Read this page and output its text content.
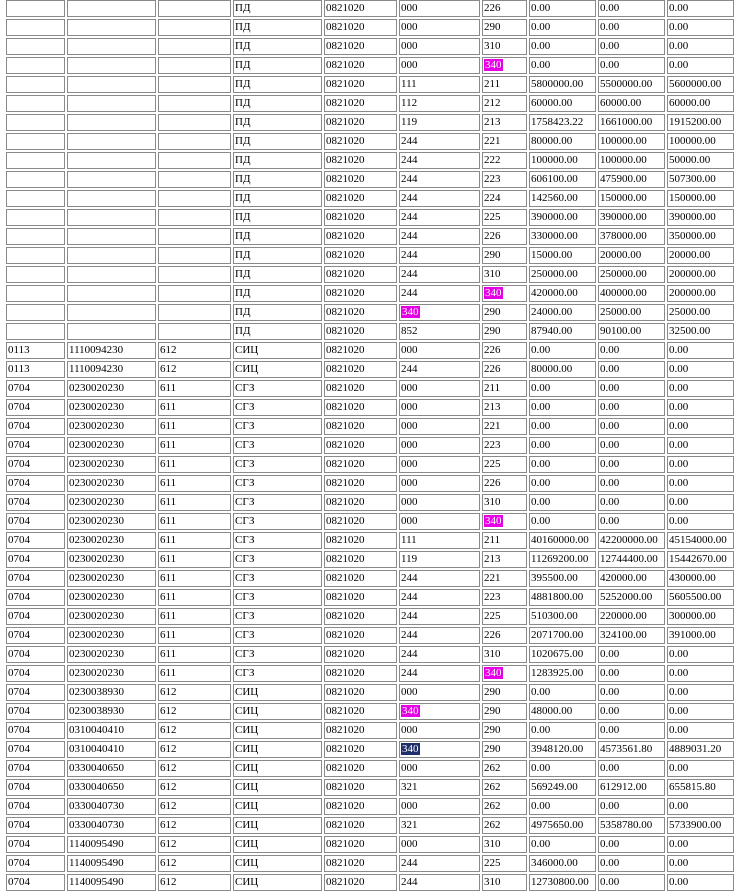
			ПД	0821020	000	226	0.00	0.00	0.00
			ПД	0821020	000	290	0.00	0.00	0.00
			ПД	0821020	000	310	0.00	0.00	0.00
			ПД	0821020	000	340	0.00	0.00	0.00
			ПД	0821020	111	211	5800000.00	5500000.00	5600000.00
			ПД	0821020	112	212	60000.00	60000.00	60000.00
			ПД	0821020	119	213	1758423.22	1661000.00	1915200.00
			ПД	0821020	244	221	80000.00	100000.00	100000.00
			ПД	0821020	244	222	100000.00	100000.00	50000.00
			ПД	0821020	244	223	606100.00	475900.00	507300.00
			ПД	0821020	244	224	142560.00	150000.00	150000.00
			ПД	0821020	244	225	390000.00	390000.00	390000.00
			ПД	0821020	244	226	330000.00	378000.00	350000.00
			ПД	0821020	244	290	15000.00	20000.00	20000.00
			ПД	0821020	244	310	250000.00	250000.00	200000.00
			ПД	0821020	244	340	420000.00	400000.00	200000.00
			ПД	0821020	340	290	24000.00	25000.00	25000.00
			ПД	0821020	852	290	87940.00	90100.00	32500.00
0113	1110094230	612	СИЦ	0821020	000	226	0.00	0.00	0.00
0113	1110094230	612	СИЦ	0821020	244	226	80000.00	0.00	0.00
0704	0230020230	611	СГЗ	0821020	000	211	0.00	0.00	0.00
0704	0230020230	611	СГЗ	0821020	000	213	0.00	0.00	0.00
0704	0230020230	611	СГЗ	0821020	000	221	0.00	0.00	0.00
0704	0230020230	611	СГЗ	0821020	000	223	0.00	0.00	0.00
0704	0230020230	611	СГЗ	0821020	000	225	0.00	0.00	0.00
0704	0230020230	611	СГЗ	0821020	000	226	0.00	0.00	0.00
0704	0230020230	611	СГЗ	0821020	000	310	0.00	0.00	0.00
0704	0230020230	611	СГЗ	0821020	000	340	0.00	0.00	0.00
0704	0230020230	611	СГЗ	0821020	111	211	40160000.00	42200000.00	45154000.00
0704	0230020230	611	СГЗ	0821020	119	213	11269200.00	12744400.00	15442670.00
0704	0230020230	611	СГЗ	0821020	244	221	395500.00	420000.00	430000.00
0704	0230020230	611	СГЗ	0821020	244	223	4881800.00	5252000.00	5605500.00
0704	0230020230	611	СГЗ	0821020	244	225	510300.00	220000.00	300000.00
0704	0230020230	611	СГЗ	0821020	244	226	2071700.00	324100.00	391000.00
0704	0230020230	611	СГЗ	0821020	244	310	1020675.00	0.00	0.00
0704	0230020230	611	СГЗ	0821020	244	340	1283925.00	0.00	0.00
0704	0230038930	612	СИЦ	0821020	000	290	0.00	0.00	0.00
0704	0230038930	612	СИЦ	0821020	340	290	48000.00	0.00	0.00
0704	0310040410	612	СИЦ	0821020	000	290	0.00	0.00	0.00
0704	0310040410	612	СИЦ	0821020	340	290	3948120.00	4573561.80	4889031.20
0704	0330040650	612	СИЦ	0821020	000	262	0.00	0.00	0.00
0704	0330040650	612	СИЦ	0821020	321	262	569249.00	612912.00	655815.80
0704	0330040730	612	СИЦ	0821020	000	262	0.00	0.00	0.00
0704	0330040730	612	СИЦ	0821020	321	262	4975650.00	5358780.00	5733900.00
0704	1140095490	612	СИЦ	0821020	000	310	0.00	0.00	0.00
0704	1140095490	612	СИЦ	0821020	244	225	346000.00	0.00	0.00
0704	1140095490	612	СИЦ	0821020	244	310	12730800.00	0.00	0.00
